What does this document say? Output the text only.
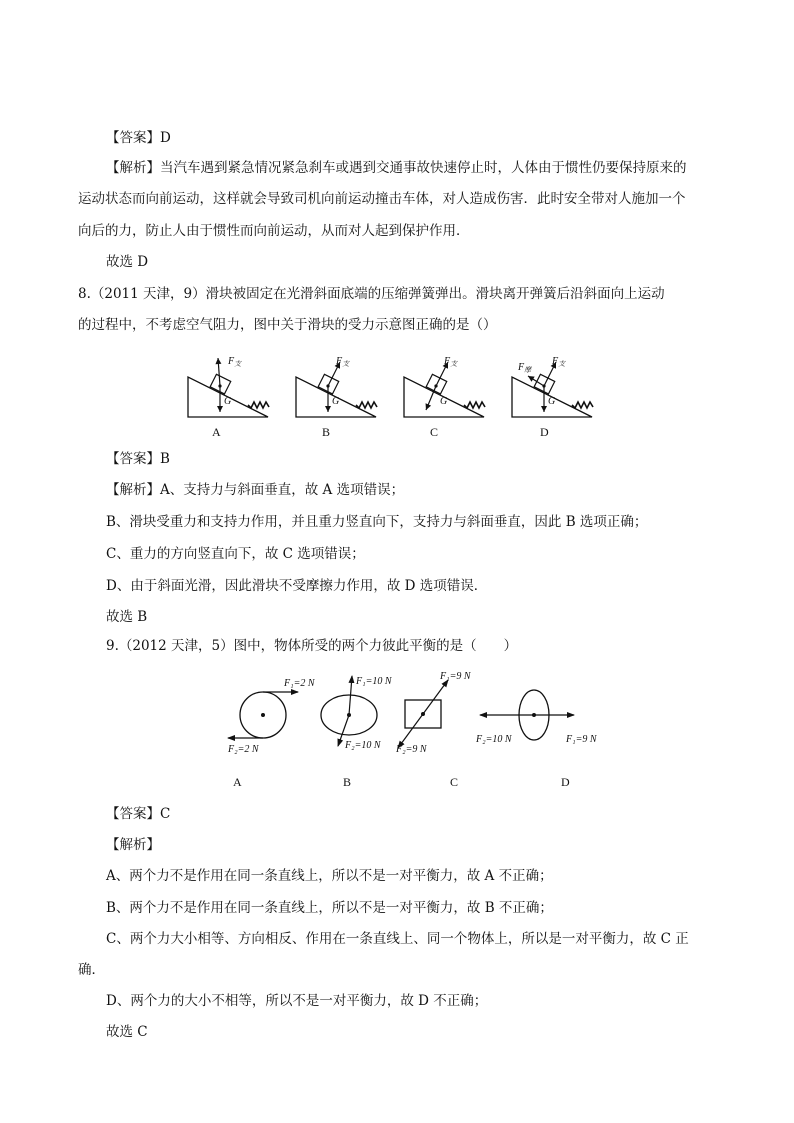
【答案】D
【解析】当汽车遇到紧急情况紧急刹车或遇到交通事故快速停止时，人体由于惯性仍要保持原来的
运动状态而向前运动，这样就会导致司机向前运动撞击车体，对人造成伤害．此时安全带对人施加一个
向后的力，防止人由于惯性而向前运动，从而对人起到保护作用．
故选 D
8.（2011 天津，9）滑块被固定在光滑斜面底端的压缩弹簧弹出。滑块离开弹簧后沿斜面向上运动
的过程中，不考虑空气阻力，图中关于滑块的受力示意图正确的是（）
G
$F_支$
G
$F_支$
G
$F_支$
G
$F_支$
$F_摩$
A	B	C	D
【答案】B
【解析】A、支持力与斜面垂直，故 A 选项错误；
B、滑块受重力和支持力作用，并且重力竖直向下，支持力与斜面垂直，因此 B 选项正确；
C、重力的方向竖直向下，故 C 选项错误；
D、由于斜面光滑，因此滑块不受摩擦力作用，故 D 选项错误．
故选 B
9.（2012 天津，5）图中，物体所受的两个力彼此平衡的是（　　）
F₁=2 N
F₂=2 N
F₁=10 N
F₂=10 N
F₁=9 N
F₂=9 N
F₁=9 N
F₂=10 N
A	B	C	D
【答案】C
【解析】
A、两个力不是作用在同一条直线上，所以不是一对平衡力，故 A 不正确；
B、两个力不是作用在同一条直线上，所以不是一对平衡力，故 B 不正确；
C、两个力大小相等、方向相反、作用在一条直线上、同一个物体上，所以是一对平衡力，故 C 正
确．
D、两个力的大小不相等，所以不是一对平衡力，故 D 不正确；
故选 C
